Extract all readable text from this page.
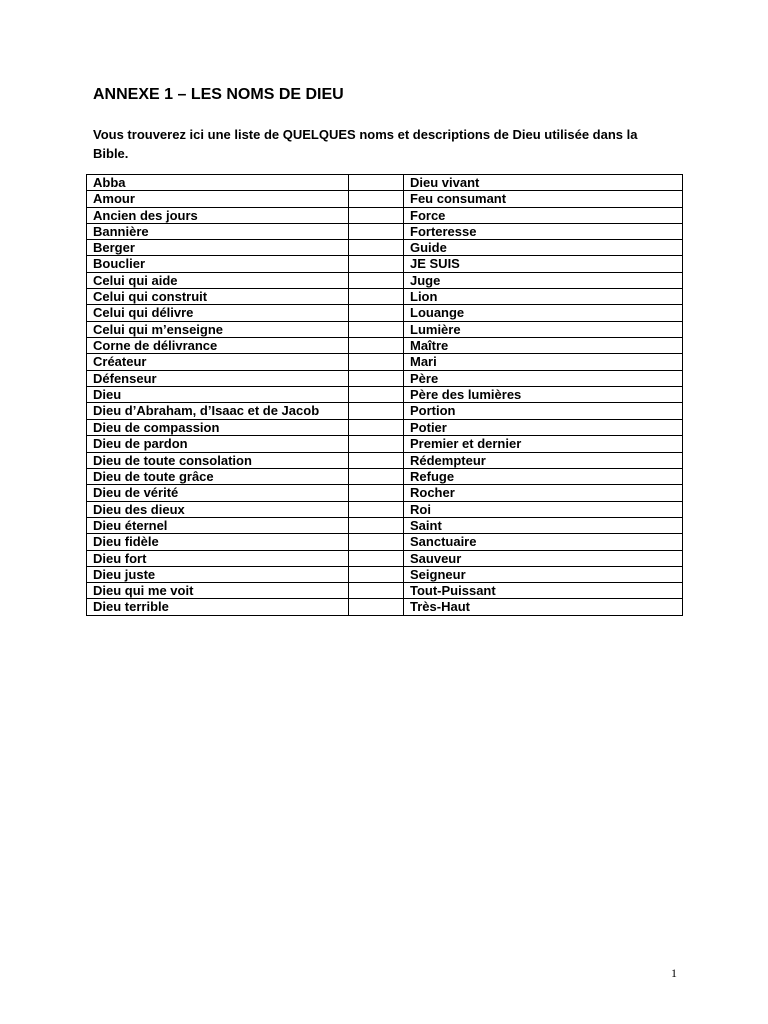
ANNEXE 1 – LES NOMS DE DIEU

Vous trouverez ici une liste de QUELQUES noms et descriptions de Dieu utilisée dans la Bible.

Abba		Dieu vivant
Amour		Feu consumant
Ancien des jours		Force
Bannière		Forteresse
Berger		Guide
Bouclier		JE SUIS
Celui qui aide		Juge
Celui qui construit		Lion
Celui qui délivre		Louange
Celui qui m’enseigne		Lumière
Corne de délivrance		Maître
Créateur		Mari
Défenseur		Père
Dieu		Père des lumières
Dieu d’Abraham, d’Isaac et de Jacob		Portion
Dieu de compassion		Potier
Dieu de pardon		Premier et dernier
Dieu de toute consolation		Rédempteur
Dieu de toute grâce		Refuge
Dieu de vérité		Rocher
Dieu des dieux		Roi
Dieu éternel		Saint
Dieu fidèle		Sanctuaire
Dieu fort		Sauveur
Dieu juste		Seigneur
Dieu qui me voit		Tout-Puissant
Dieu terrible		Très-Haut
1
